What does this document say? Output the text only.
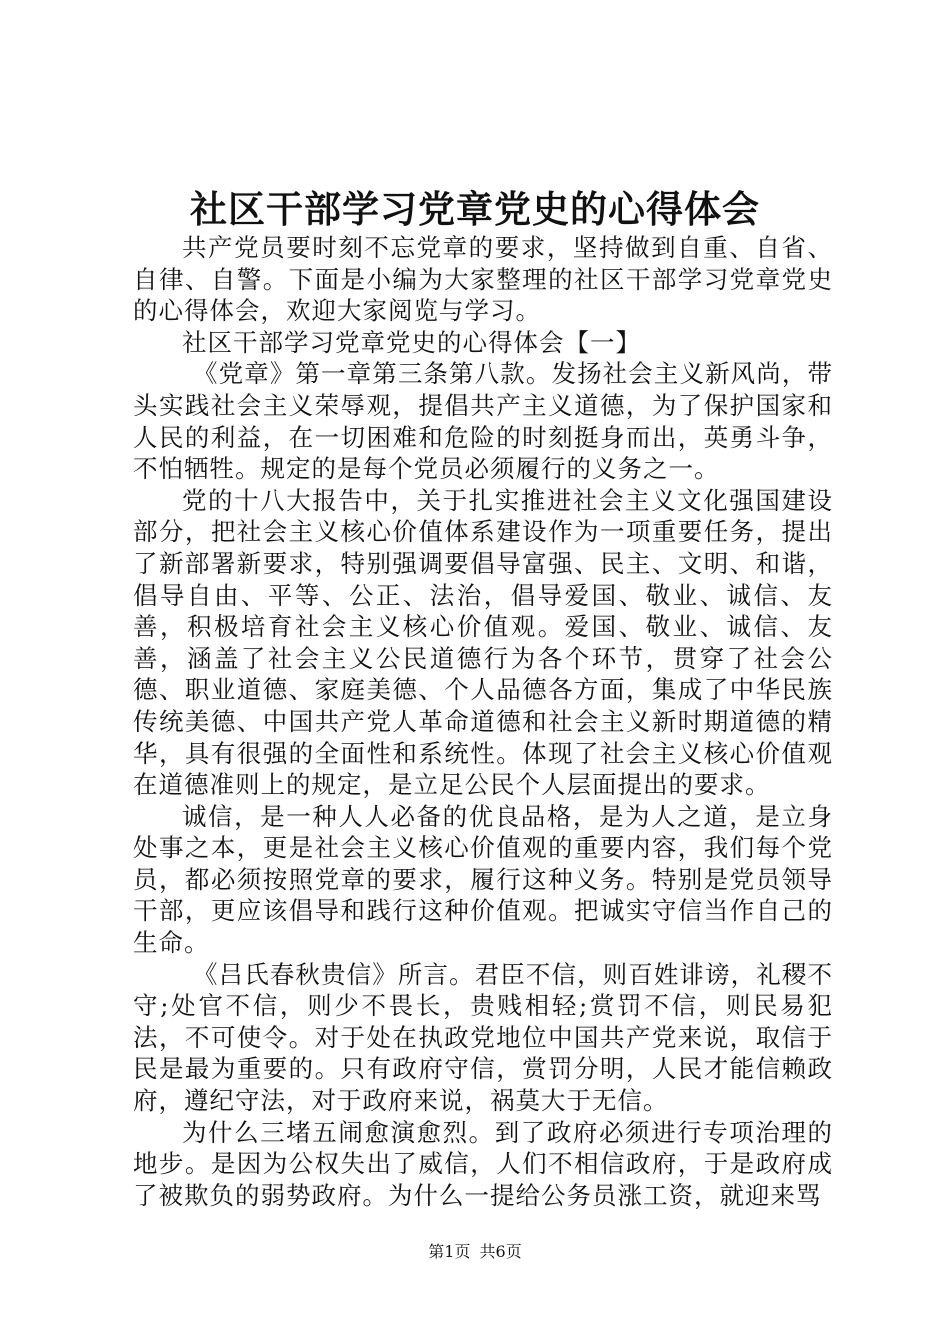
社区干部学习党章党史的心得体会

共产党员要时刻不忘党章的要求，坚持做到自重、自省、自律、自警。下面是小编为大家整理的社区干部学习党章党史的心得体会，欢迎大家阅览与学习。

社区干部学习党章党史的心得体会【一】

《党章》第一章第三条第八款。发扬社会主义新风尚，带头实践社会主义荣辱观，提倡共产主义道德，为了保护国家和人民的利益，在一切困难和危险的时刻挺身而出，英勇斗争，不怕牺牲。规定的是每个党员必须履行的义务之一。

党的十八大报告中，关于扎实推进社会主义文化强国建设部分，把社会主义核心价值体系建设作为一项重要任务，提出了新部署新要求，特别强调要倡导富强、民主、文明、和谐，倡导自由、平等、公正、法治，倡导爱国、敬业、诚信、友善，积极培育社会主义核心价值观。爱国、敬业、诚信、友善，涵盖了社会主义公民道德行为各个环节，贯穿了社会公德、职业道德、家庭美德、个人品德各方面，集成了中华民族传统美德、中国共产党人革命道德和社会主义新时期道德的精华，具有很强的全面性和系统性。体现了社会主义核心价值观在道德准则上的规定，是立足公民个人层面提出的要求。

诚信，是一种人人必备的优良品格，是为人之道，是立身处事之本，更是社会主义核心价值观的重要内容，我们每个党员，都必须按照党章的要求，履行这种义务。特别是党员领导干部，更应该倡导和践行这种价值观。把诚实守信当作自己的生命。

《吕氏春秋贵信》所言。君臣不信，则百姓诽谤，礼稷不守;处官不信，则少不畏长，贵贱相轻;赏罚不信，则民易犯法，不可使令。对于处在执政党地位中国共产党来说，取信于民是最为重要的。只有政府守信，赏罚分明，人民才能信赖政府，遵纪守法，对于政府来说，祸莫大于无信。

为什么三堵五闹愈演愈烈。到了政府必须进行专项治理的地步。是因为公权失出了威信，人们不相信政府，于是政府成了被欺负的弱势政府。为什么一提给公务员涨工资，就迎来骂

第1页 共6页
